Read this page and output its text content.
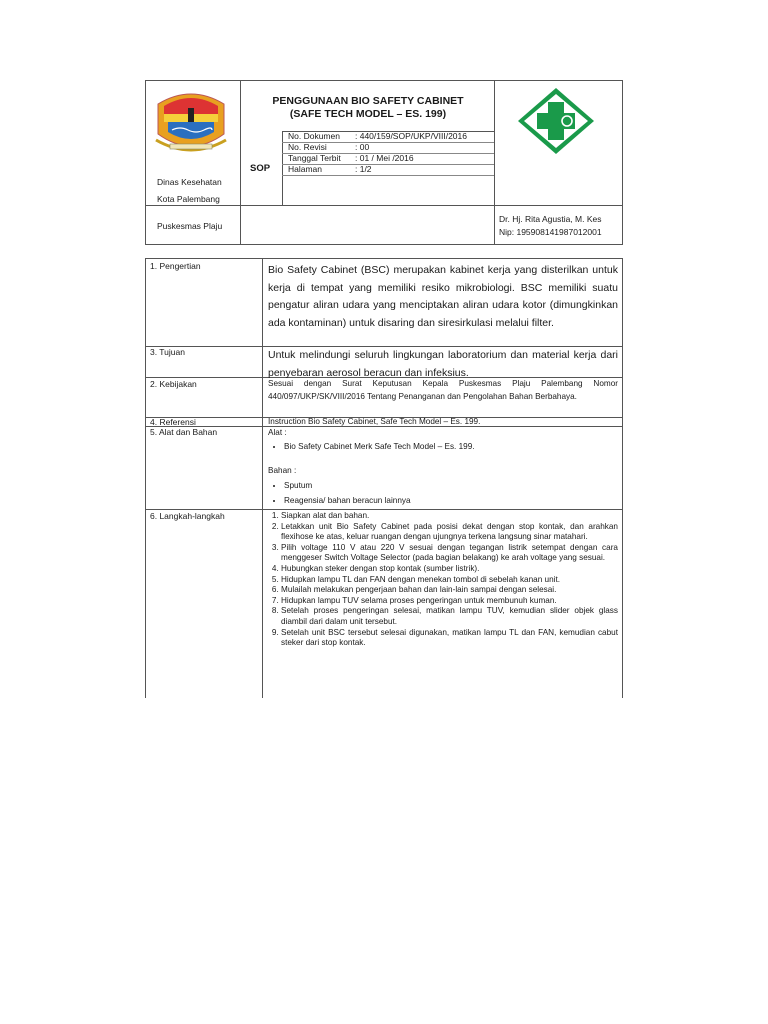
Dinas Kesehatan
Kota Palembang
PENGGUNAAN BIO SAFETY CABINET
(SAFE TECH MODEL – ES. 199)
SOP
No. Dokumen : 440/159/SOP/UKP/VIII/2016
No. Revisi	: 00
Tanggal Terbit : 01 / Mei /2016
Halaman	: 1/2
Puskesmas Plaju
Dr. Hj. Rita Agustia, M. Kes
Nip: 195908141987012001
1. Pengertian
3. Tujuan
2. Kebijakan
4. Referensi
5. Alat dan Bahan
6. Langkah-langkah
Bio Safety Cabinet (BSC) merupakan kabinet kerja yang disterilkan untuk kerja di tempat yang memiliki resiko mikrobiologi. BSC memiliki suatu pengatur aliran udara yang menciptakan aliran udara kotor (dimungkinkan ada kontaminan) untuk disaring dan siresirkulasi melalui filter.
Untuk melindungi seluruh lingkungan laboratorium dan material kerja dari penyebaran aerosol beracun dan infeksius.
Sesuai dengan Surat Keputusan Kepala Puskesmas Plaju Palembang Nomor 440/097/UKP/SK/VIII/2016 Tentang Penanganan dan Pengolahan Bahan Berbahaya.
Instruction Bio Safety Cabinet, Safe Tech Model – Es. 199.
Alat :
• Bio Safety Cabinet Merk Safe Tech Model – Es. 199.
Bahan :
• Sputum
• Reagensia/ bahan beracun lainnya
1. Siapkan alat dan bahan.
2. Letakkan unit Bio Safety Cabinet pada posisi dekat dengan stop kontak, dan arahkan flexihose ke atas, keluar ruangan dengan ujungnya terkena langsung sinar matahari.
3. Pilih voltage 110 V atau 220 V sesuai dengan tegangan listrik setempat dengan cara menggeser Switch Voltage Selector (pada bagian belakang) ke arah voltage yang sesuai.
4. Hubungkan steker dengan stop kontak (sumber listrik).
5. Hidupkan lampu TL dan FAN dengan menekan tombol di sebelah kanan unit.
6. Mulailah melakukan pengerjaan bahan dan lain-lain sampai dengan selesai.
7. Hidupkan lampu TUV selama proses pengeringan untuk membunuh kuman.
8. Setelah proses pengeringan selesai, matikan lampu TUV, kemudian slider objek glass diambil dari dalam unit tersebut.
9. Setelah unit BSC tersebut selesai digunakan, matikan lampu TL dan FAN, kemudian cabut steker dari stop kontak.
